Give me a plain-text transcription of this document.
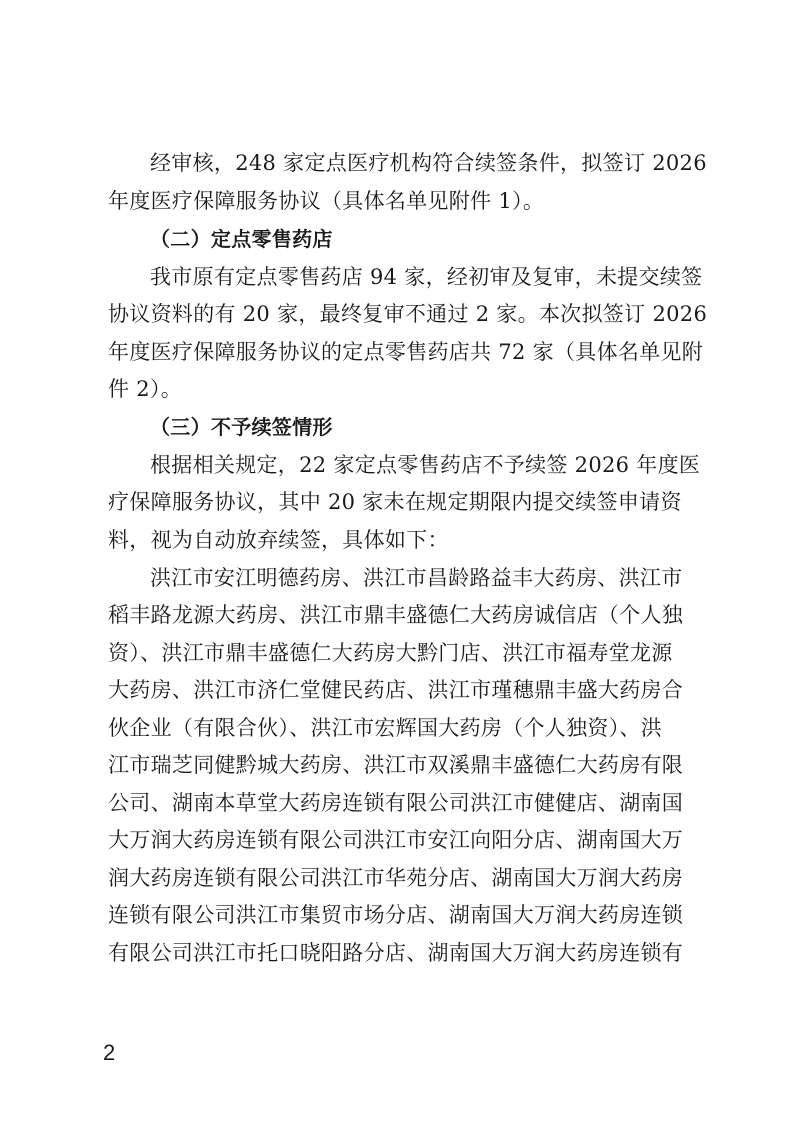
经审核，248 家定点医疗机构符合续签条件，拟签订 2026
年度医疗保障服务协议（具体名单见附件 1）。
（二）定点零售药店
我市原有定点零售药店 94 家，经初审及复审，未提交续签
协议资料的有 20 家，最终复审不通过 2 家。本次拟签订 2026
年度医疗保障服务协议的定点零售药店共 72 家（具体名单见附
件 2）。
（三）不予续签情形
根据相关规定，22 家定点零售药店不予续签 2026 年度医
疗保障服务协议，其中 20 家未在规定期限内提交续签申请资
料，视为自动放弃续签，具体如下：
洪江市安江明德药房、洪江市昌龄路益丰大药房、洪江市
稻丰路龙源大药房、洪江市鼎丰盛德仁大药房诚信店（个人独
资）、洪江市鼎丰盛德仁大药房大黔门店、洪江市福寿堂龙源
大药房、洪江市济仁堂健民药店、洪江市瑾穗鼎丰盛大药房合
伙企业（有限合伙）、洪江市宏辉国大药房（个人独资）、洪
江市瑞芝同健黔城大药房、洪江市双溪鼎丰盛德仁大药房有限
公司、湖南本草堂大药房连锁有限公司洪江市健健店、湖南国
大万润大药房连锁有限公司洪江市安江向阳分店、湖南国大万
润大药房连锁有限公司洪江市华苑分店、湖南国大万润大药房
连锁有限公司洪江市集贸市场分店、湖南国大万润大药房连锁
有限公司洪江市托口晓阳路分店、湖南国大万润大药房连锁有
2
